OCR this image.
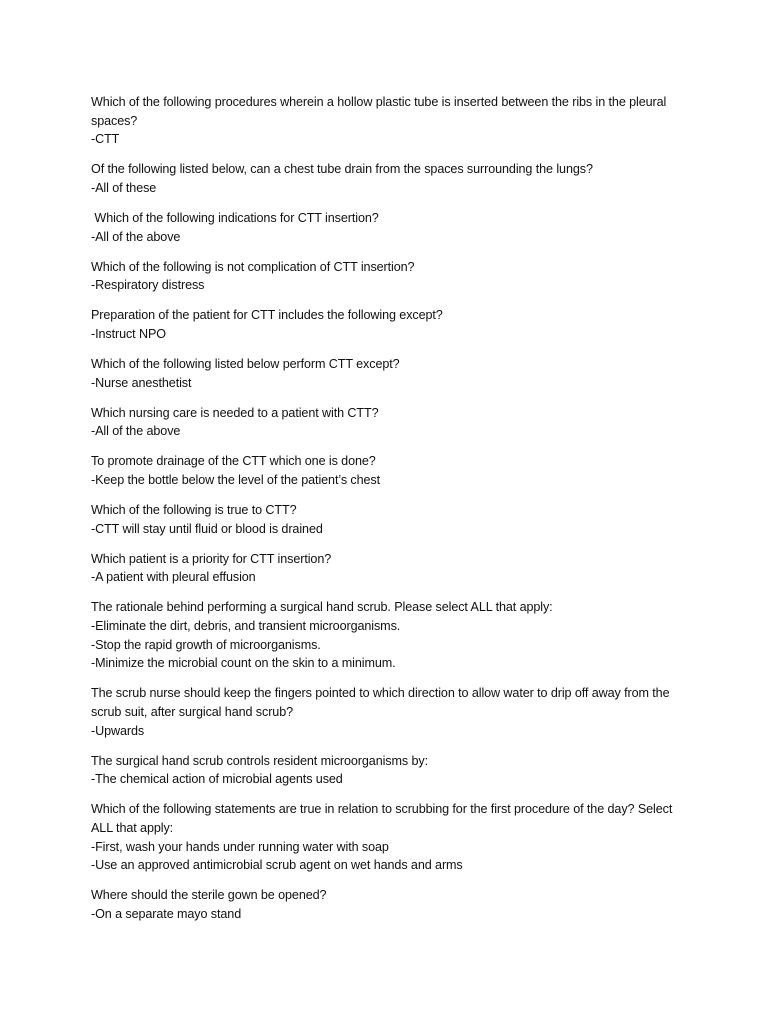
Which of the following procedures wherein a hollow plastic tube is inserted between the ribs in the pleural spaces?
-CTT
Of the following listed below, can a chest tube drain from the spaces surrounding the lungs?
-All of these
Which of the following indications for CTT insertion?
-All of the above
Which of the following is not complication of CTT insertion?
-Respiratory distress
Preparation of the patient for CTT includes the following except?
-Instruct NPO
Which of the following listed below perform CTT except?
-Nurse anesthetist
Which nursing care is needed to a patient with CTT?
-All of the above
To promote drainage of the CTT which one is done?
-Keep the bottle below the level of the patient’s chest
Which of the following is true to CTT?
-CTT will stay until fluid or blood is drained
Which patient is a priority for CTT insertion?
-A patient with pleural effusion
The rationale behind performing a surgical hand scrub. Please select ALL that apply:
-Eliminate the dirt, debris, and transient microorganisms.
-Stop the rapid growth of microorganisms.
-Minimize the microbial count on the skin to a minimum.
The scrub nurse should keep the fingers pointed to which direction to allow water to drip off away from the scrub suit, after surgical hand scrub?
-Upwards
The surgical hand scrub controls resident microorganisms by:
-The chemical action of microbial agents used
Which of the following statements are true in relation to scrubbing for the first procedure of the day? Select ALL that apply:
-First, wash your hands under running water with soap
-Use an approved antimicrobial scrub agent on wet hands and arms
Where should the sterile gown be opened?
-On a separate mayo stand
